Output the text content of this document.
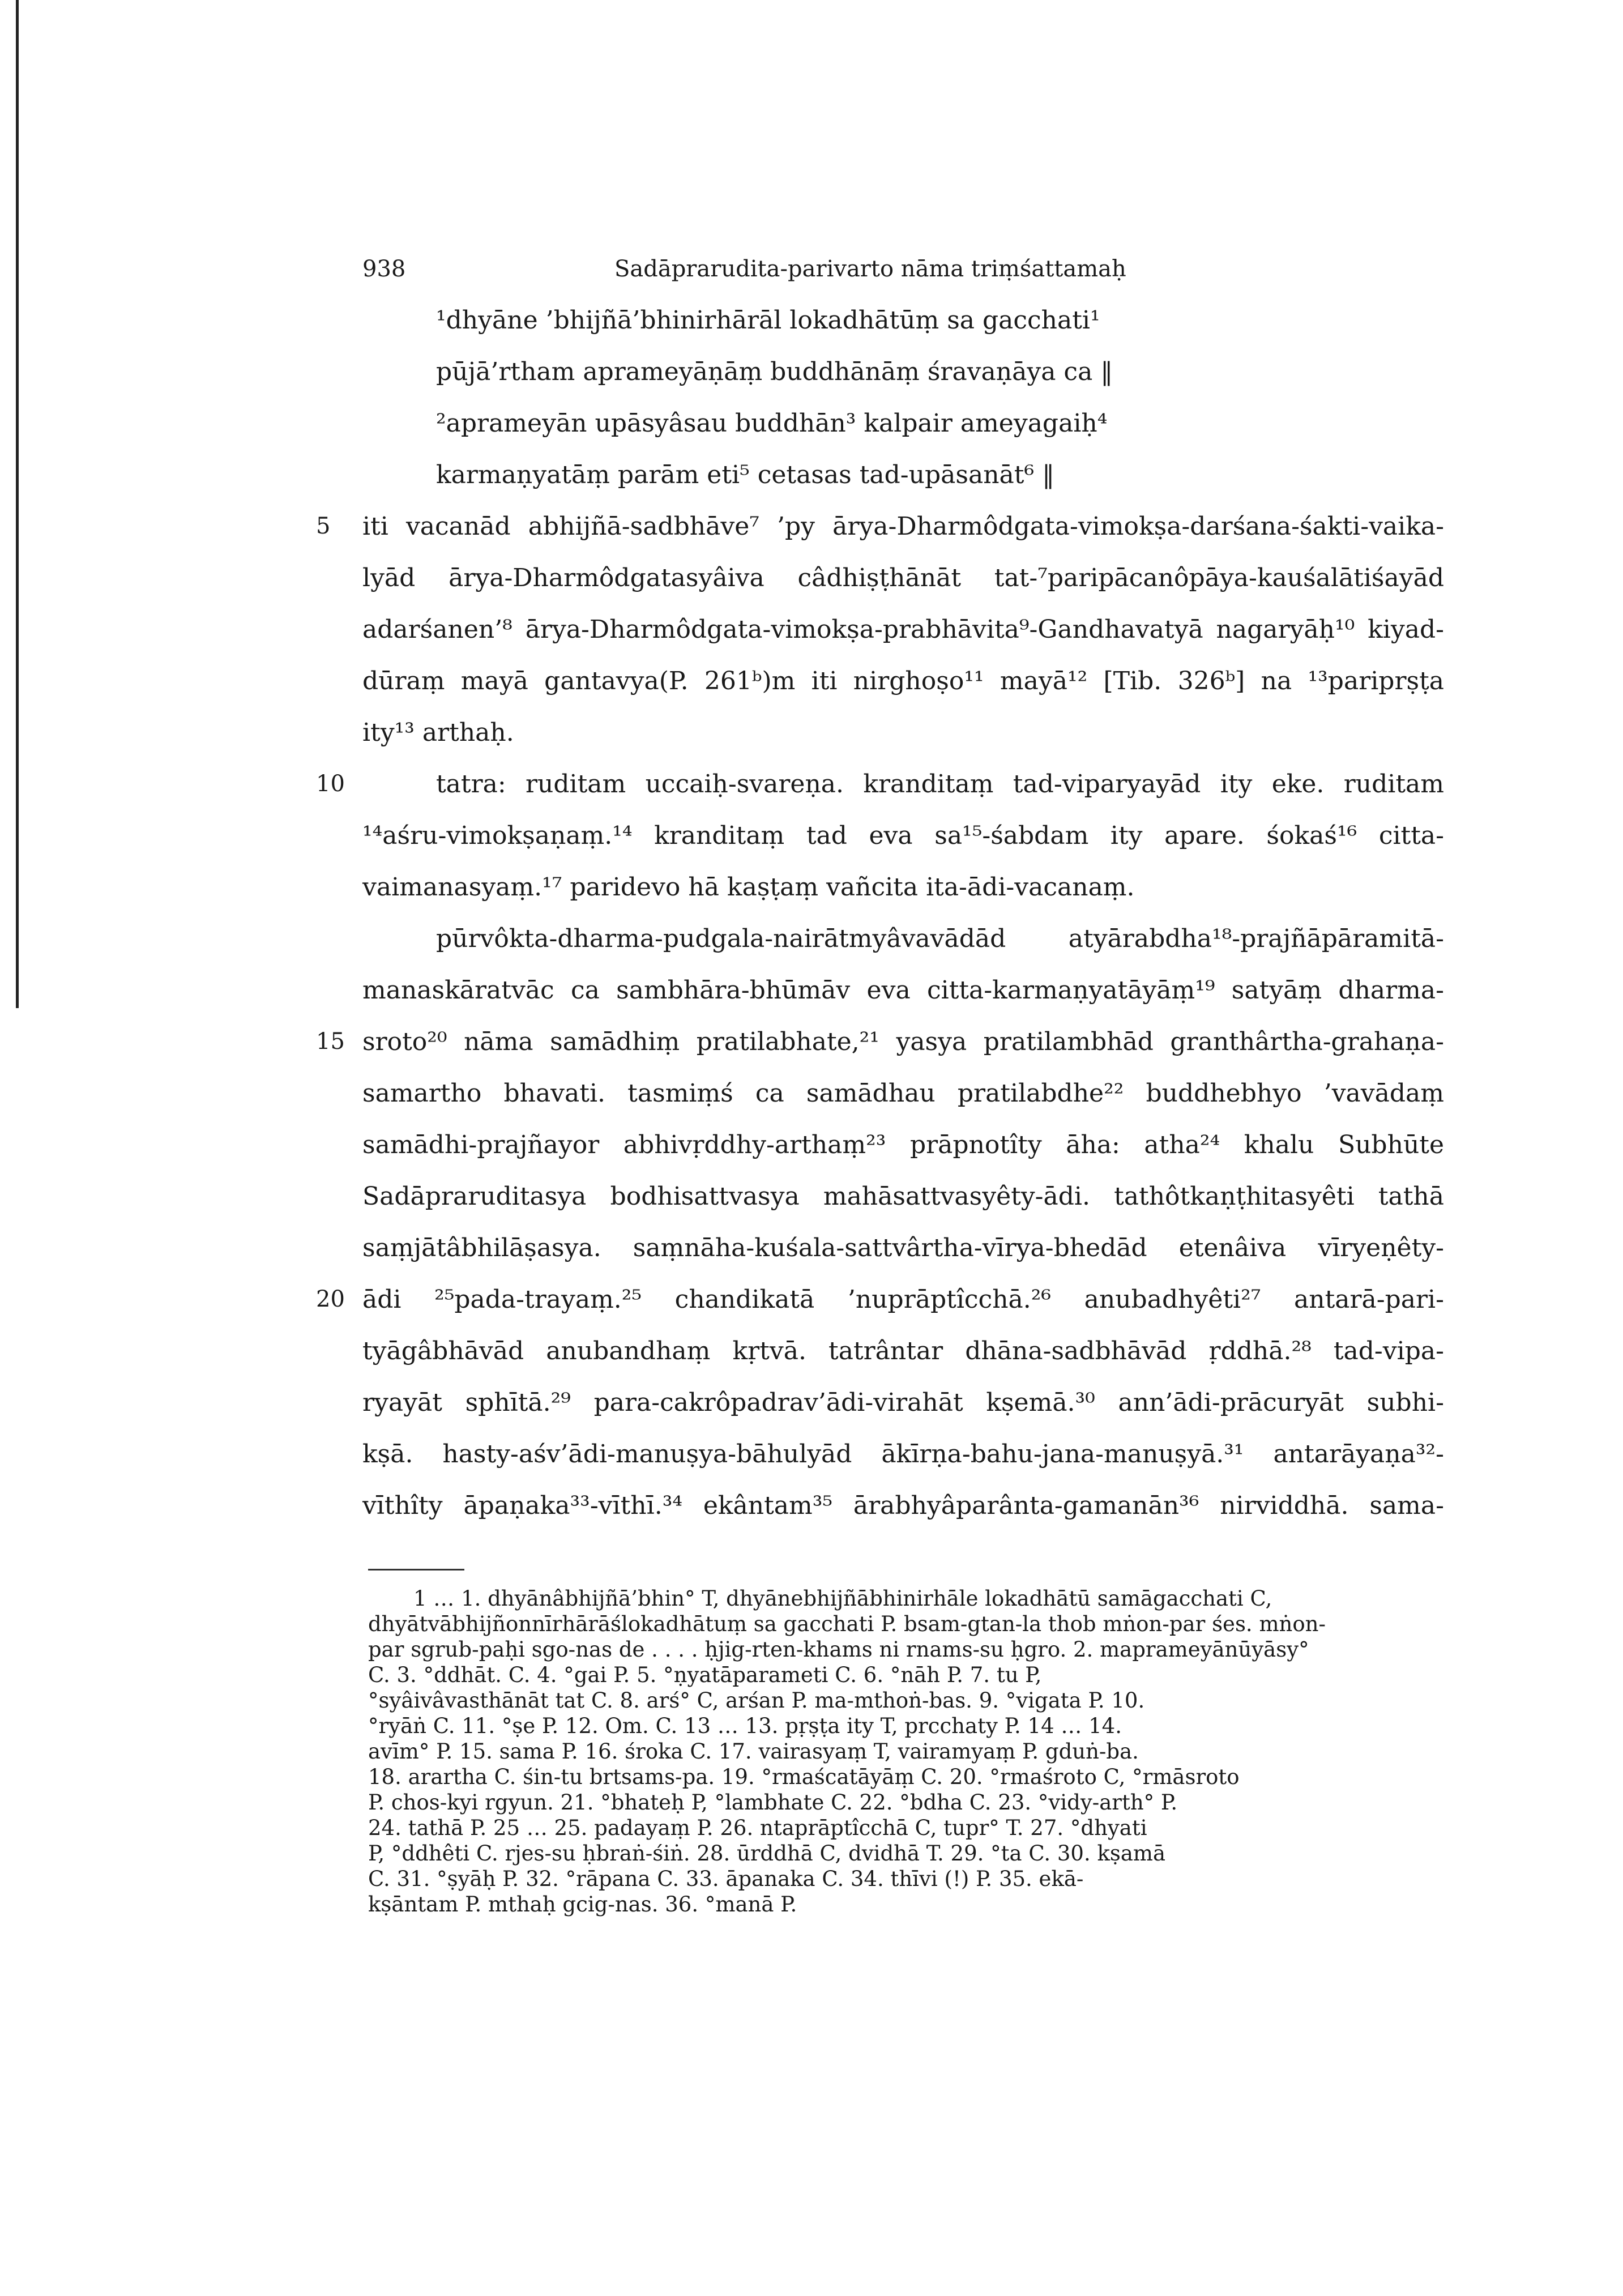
938	Sadāprarudita-parivarto nāma triṃśattamaḥ
¹dhyāne ’bhijñā’bhinirhārāl lokadhātūṃ sa gacchati¹
pūjā’rtham aprameyāṇāṃ buddhānāṃ śravaṇāya ca ‖
²aprameyān upāsyâsau buddhān³ kalpair ameyagaiḥ⁴
karmaṇyatāṃ parām eti⁵ cetasas tad-upāsanāt⁶ ‖
5 iti vacanād abhijñā-sadbhāve⁷ ’py ārya-Dharmôdgata-vimokṣa-darśana-śakti-vaika-
lyād ārya-Dharmôdgatasyâiva câdhiṣṭhānāt tat-⁷paripācanôpāya-kauśalātiśayād
adarśanen’⁸ ārya-Dharmôdgata-vimokṣa-prabhāvita⁹-Gandhavatyā nagaryāḥ¹⁰ kiyad-
dūraṃ mayā gantavya(P. 261ᵇ)m iti nirghoṣo¹¹ mayā¹² [Tib. 326ᵇ] na ¹³pariprṣṭa
ity¹³ arthaḥ.
10	tatra: ruditam uccaiḥ-svareṇa. kranditaṃ tad-viparyayād ity eke. ruditam
¹⁴aśru-vimokṣaṇaṃ.¹⁴ kranditaṃ tad eva sa¹⁵-śabdam ity apare. śokaś¹⁶ citta-
vaimanasyaṃ.¹⁷ paridevo hā kaṣṭaṃ vañcita ita-ādi-vacanaṃ.
pūrvôkta-dharma-pudgala-nairātmyâvavādād atyārabdha¹⁸-prajñāpāramitā-
manaskāratvāc ca sambhāra-bhūmāv eva citta-karmaṇyatāyāṃ¹⁹ satyāṃ dharma-
15 sroto²⁰ nāma samādhiṃ pratilabhate,²¹ yasya pratilambhād granthârtha-grahaṇa-
samartho bhavati. tasmiṃś ca samādhau pratilabdhe²² buddhebhyo ’vavādaṃ
samādhi-prajñayor abhivṛddhy-arthaṃ²³ prāpnotîty āha: atha²⁴ khalu Subhūte
Sadāpraruditasya bodhisattvasya mahāsattvasyêty-ādi. tathôtkaṇṭhitasyêti tathā
saṃjātâbhilāṣasya. saṃnāha-kuśala-sattvârtha-vīrya-bhedād etenâiva vīryeṇêty-
20 ādi ²⁵pada-trayaṃ.²⁵ chandikatā ’nuprāptîcchā.²⁶ anubadhyêti²⁷ antarā-pari-
tyāgâbhāvād anubandhaṃ kṛtvā. tatrântar dhāna-sadbhāvād ṛddhā.²⁸ tad-vipa-
ryayāt sphītā.²⁹ para-cakrôpadrav’ādi-virahāt kṣemā.³⁰ ann’ādi-prācuryāt subhi-
kṣā. hasty-aśv’ādi-manuṣya-bāhulyād ākīrṇa-bahu-jana-manuṣyā.³¹ antarāyaṇa³²-
vīthîty āpaṇaka³³-vīthī.³⁴ ekântam³⁵ ārabhyâparânta-gamanān³⁶ nirviddhā. sama-
1 … 1. dhyānâbhijñā’bhin° T, dhyānebhijñābhinirhāle lokadhātū samāgacchati C,
dhyātvābhijñonnīrhārāślokadhātuṃ sa gacchati P. bsam-gtan-la thob mṅon-par śes. mṅon-
par sgrub-paḥi sgo-nas de . . . . ḥjig-rten-khams ni rnams-su ḥgro. 2. maprameyānūyāsy°
C. 3. °ddhāt. C. 4. °gai P. 5. °ṇyatāparameti C. 6. °nāh P. 7. tu P,
°syâivâvasthānāt tat C. 8. arś° C, arśan P. ma-mthoṅ-bas. 9. °vigata P. 10.
°ryāṅ C. 11. °ṣe P. 12. Om. C. 13 … 13. pṛṣṭa ity T, prcchaty P. 14 … 14.
avīm° P. 15. sama P. 16. śroka C. 17. vairasyaṃ T, vairamyaṃ P. gduṅ-ba.
18. arartha C. śin-tu brtsams-pa. 19. °rmaścatāyāṃ C. 20. °rmaśroto C, °rmāsroto
P. chos-kyi rgyun. 21. °bhateḥ P, °lambhate C. 22. °bdha C. 23. °vidy-arth° P.
24. tathā P. 25 … 25. padayaṃ P. 26. ntaprāptîcchā C, tupr° T. 27. °dhyati
P, °ddhêti C. rjes-su ḥbraṅ-śiṅ. 28. ūrddhā C, dvidhā T. 29. °ta C. 30. kṣamā
C. 31. °ṣyāḥ P. 32. °rāpana C. 33. āpanaka C. 34. thīvi (!) P. 35. ekā-
kṣāntam P. mthaḥ gcig-nas. 36. °manā P.
